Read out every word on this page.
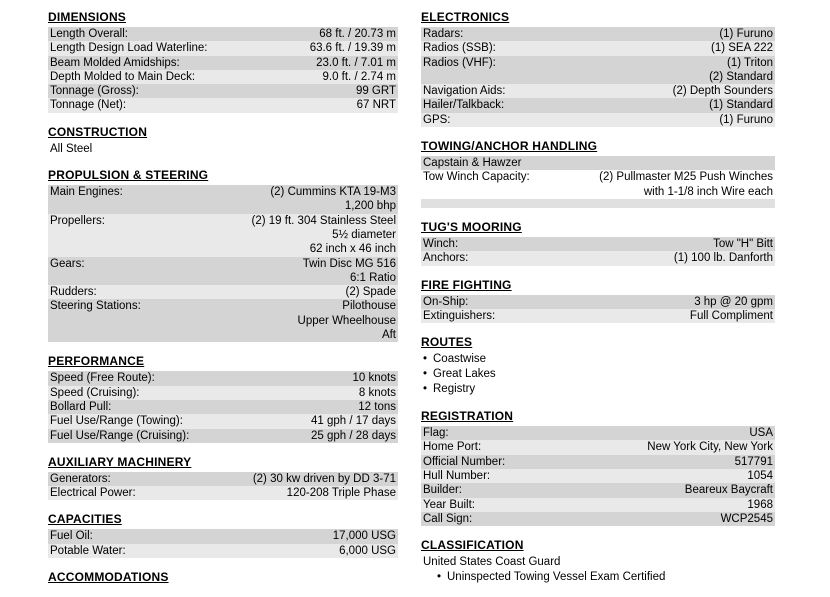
DIMENSIONS
Length Overall:	68 ft. / 20.73 m
Length Design Load Waterline:	63.6 ft. / 19.39 m
Beam Molded Amidships:	23.0 ft. / 7.01 m
Depth Molded to Main Deck:	9.0 ft. / 2.74 m
Tonnage (Gross):	99 GRT
Tonnage (Net):	67 NRT
CONSTRUCTION
All Steel
PROPULSION & STEERING
Main Engines:	(2) Cummins KTA 19-M3
1,200 bhp
Propellers:	(2) 19 ft. 304 Stainless Steel
5½ diameter
62 inch x 46 inch
Gears:	Twin Disc MG 516
6:1 Ratio
Rudders:	(2) Spade
Steering Stations:	Pilothouse
Upper Wheelhouse
Aft
PERFORMANCE
Speed (Free Route):	10 knots
Speed (Cruising):	8 knots
Bollard Pull:	12 tons
Fuel Use/Range (Towing):	41 gph / 17 days
Fuel Use/Range (Cruising):	25 gph / 28 days
AUXILIARY MACHINERY
Generators:	(2) 30 kw driven by DD 3-71
Electrical Power:	120-208 Triple Phase
CAPACITIES
Fuel Oil:	17,000 USG
Potable Water:	6,000 USG
ACCOMMODATIONS
ELECTRONICS
Radars:	(1) Furuno
Radios (SSB):	(1) SEA 222
Radios (VHF):	(1) Triton
(2) Standard
Navigation Aids:	(2) Depth Sounders
Hailer/Talkback:	(1) Standard
GPS:	(1) Furuno
TOWING/ANCHOR HANDLING
Capstain & Hawzer
Tow Winch Capacity:	(2) Pullmaster M25 Push Winches
with 1-1/8 inch Wire each
TUG'S MOORING
Winch:	Tow "H" Bitt
Anchors:	(1) 100 lb. Danforth
FIRE FIGHTING
On-Ship:	3 hp @ 20 gpm
Extinguishers:	Full Compliment
ROUTES
• Coastwise
• Great Lakes
• Registry
REGISTRATION
Flag:	USA
Home Port:	New York City, New York
Official Number:	517791
Hull Number:	1054
Builder:	Beareux Baycraft
Year Built:	1968
Call Sign:	WCP2545
CLASSIFICATION
United States Coast Guard
• Uninspected Towing Vessel Exam Certified
